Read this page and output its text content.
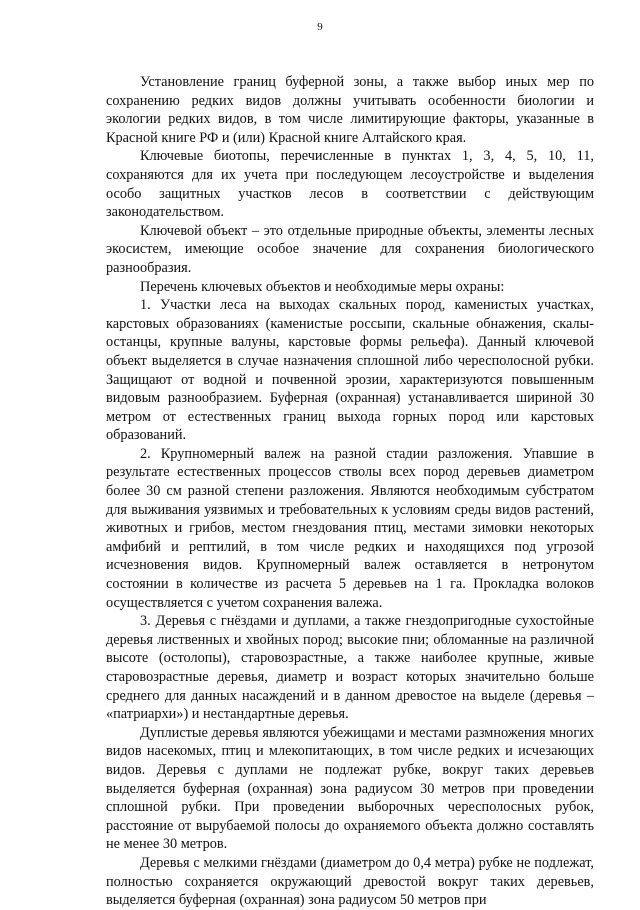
9

Установление границ буферной зоны, а также выбор иных мер по сохранению редких видов должны учитывать особенности биологии и экологии редких видов, в том числе лимитирующие факторы, указанные в Красной книге РФ и (или) Красной книге Алтайского края.

Ключевые биотопы, перечисленные в пунктах 1, 3, 4, 5, 10, 11, сохраняются для их учета при последующем лесоустройстве и выделения особо защитных участков лесов в соответствии с действующим законодательством.

Ключевой объект – это отдельные природные объекты, элементы лесных экосистем, имеющие особое значение для сохранения биологического разнообразия.

Перечень ключевых объектов и необходимые меры охраны:

1. Участки леса на выходах скальных пород, каменистых участках, карстовых образованиях (каменистые россыпи, скальные обнажения, скалы-останцы, крупные валуны, карстовые формы рельефа). Данный ключевой объект выделяется в случае назначения сплошной либо чересполосной рубки. Защищают от водной и почвенной эрозии, характеризуются повышенным видовым разнообразием. Буферная (охранная) устанавливается шириной 30 метром от естественных границ выхода горных пород или карстовых образований.

2. Крупномерный валеж на разной стадии разложения. Упавшие в результате естественных процессов стволы всех пород деревьев диаметром более 30 см разной степени разложения. Являются необходимым субстратом для выживания уязвимых и требовательных к условиям среды видов растений, животных и грибов, местом гнездования птиц, местами зимовки некоторых амфибий и рептилий, в том числе редких и находящихся под угрозой исчезновения видов. Крупномерный валеж оставляется в нетронутом состоянии в количестве из расчета 5 деревьев на 1 га. Прокладка волоков осуществляется с учетом сохранения валежа.

3. Деревья с гнёздами и дуплами, а также гнездопригодные сухостойные деревья лиственных и хвойных пород; высокие пни; обломанные на различной высоте (остолопы), старовозрастные, а также наиболее крупные, живые старовозрастные деревья, диаметр и возраст которых значительно больше среднего для данных насаждений и в данном древостое на выделе (деревья – «патриархи») и нестандартные деревья.

Дуплистые деревья являются убежищами и местами размножения многих видов насекомых, птиц и млекопитающих, в том числе редких и исчезающих видов. Деревья с дуплами не подлежат рубке, вокруг таких деревьев выделяется буферная (охранная) зона радиусом 30 метров при проведении сплошной рубки. При проведении выборочных чересполосных рубок, расстояние от вырубаемой полосы до охраняемого объекта должно составлять не менее 30 метров.

Деревья с мелкими гнёздами (диаметром до 0,4 метра) рубке не подлежат, полностью сохраняется окружающий древостой вокруг таких деревьев, выделяется буферная (охранная) зона радиусом 50 метров при
